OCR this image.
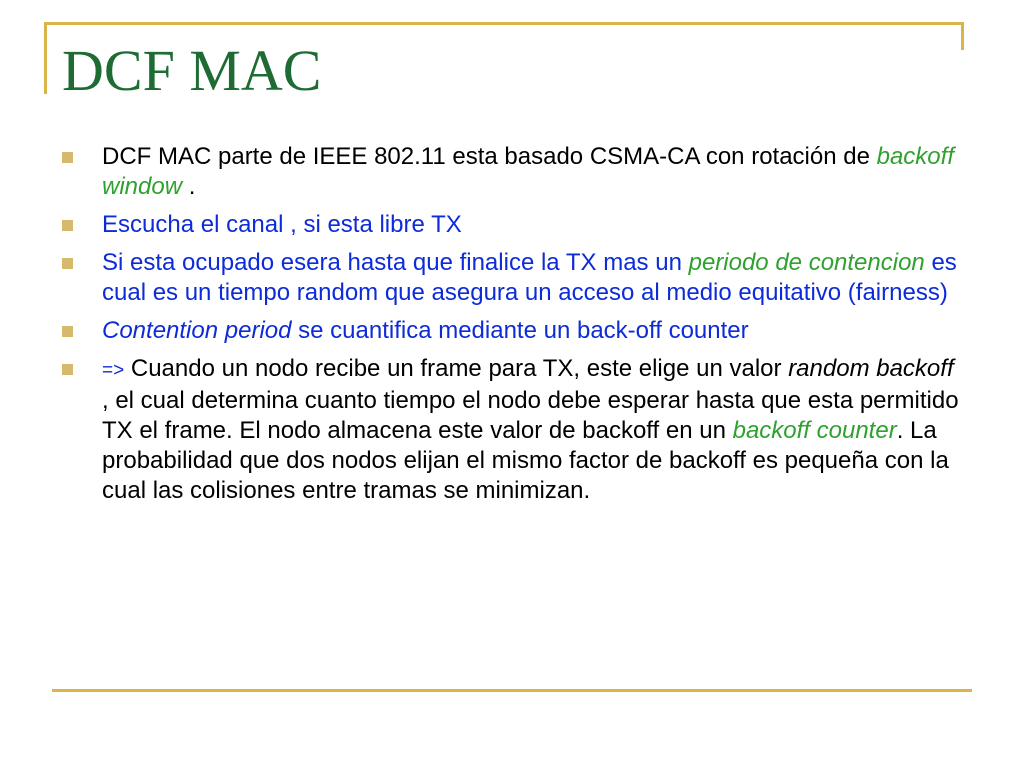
DCF MAC
DCF MAC parte de IEEE 802.11 esta basado CSMA-CA con rotación de backoff window .
Escucha el canal , si esta libre TX
Si esta ocupado esera hasta que finalice la TX mas un periodo de contencion es cual es un tiempo random que asegura un acceso al medio equitativo (fairness)
Contention period se cuantifica mediante un back-off counter
=> Cuando un nodo recibe un frame para TX, este elige un valor random backoff , el cual determina cuanto tiempo el nodo debe esperar hasta que esta permitido TX el frame. El nodo almacena este valor de backoff en un backoff counter. La probabilidad que dos nodos elijan el mismo factor de backoff es pequeña con la cual las colisiones entre tramas se minimizan.
